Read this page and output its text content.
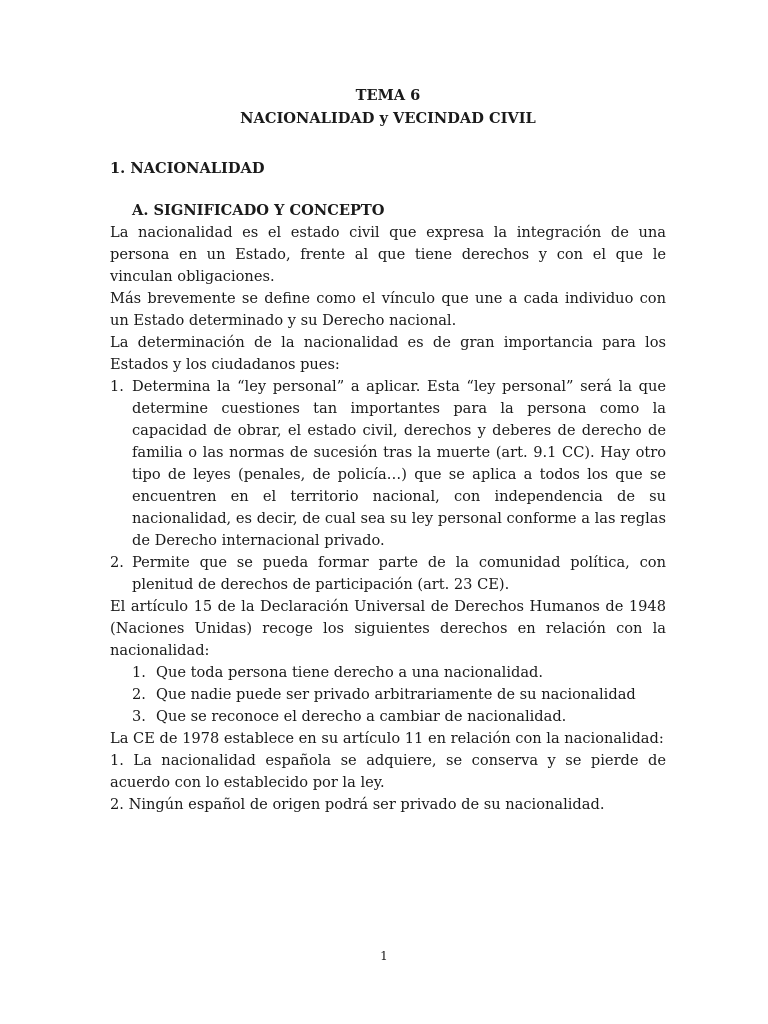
TEMA 6

NACIONALIDAD y VECINDAD CIVIL

1. NACIONALIDAD

A. SIGNIFICADO Y CONCEPTO

La nacionalidad es el estado civil que expresa la integración de una persona en un Estado, frente al que tiene derechos y con el que le vinculan obligaciones.

Más brevemente se define como el vínculo que une a cada individuo con un Estado determinado y su Derecho nacional.

La determinación de la nacionalidad es de gran importancia para los Estados y los ciudadanos pues:

1. Determina la “ley personal” a aplicar. Esta “ley personal” será la que determine cuestiones tan importantes para la persona como la capacidad de obrar, el estado civil, derechos y deberes de derecho de familia o las normas de sucesión tras la muerte (art. 9.1 CC). Hay otro tipo de leyes (penales, de policía…) que se aplica a todos los que se encuentren en el territorio nacional, con independencia de su nacionalidad, es decir, de cual sea su ley personal conforme a las reglas de Derecho internacional privado.
2. Permite que se pueda formar parte de la comunidad política, con plenitud de derechos de participación (art. 23 CE).

El artículo 15 de la Declaración Universal de Derechos Humanos de 1948 (Naciones Unidas) recoge los siguientes derechos en relación con la nacionalidad:

1. Que toda persona tiene derecho a una nacionalidad.
2. Que nadie puede ser privado arbitrariamente de su nacionalidad
3. Que se reconoce el derecho a cambiar de nacionalidad.

La CE de 1978 establece en su artículo 11 en relación con la nacionalidad:

1. La nacionalidad española se adquiere, se conserva y se pierde de acuerdo con lo establecido por la ley.

2. Ningún español de origen podrá ser privado de su nacionalidad.

1
